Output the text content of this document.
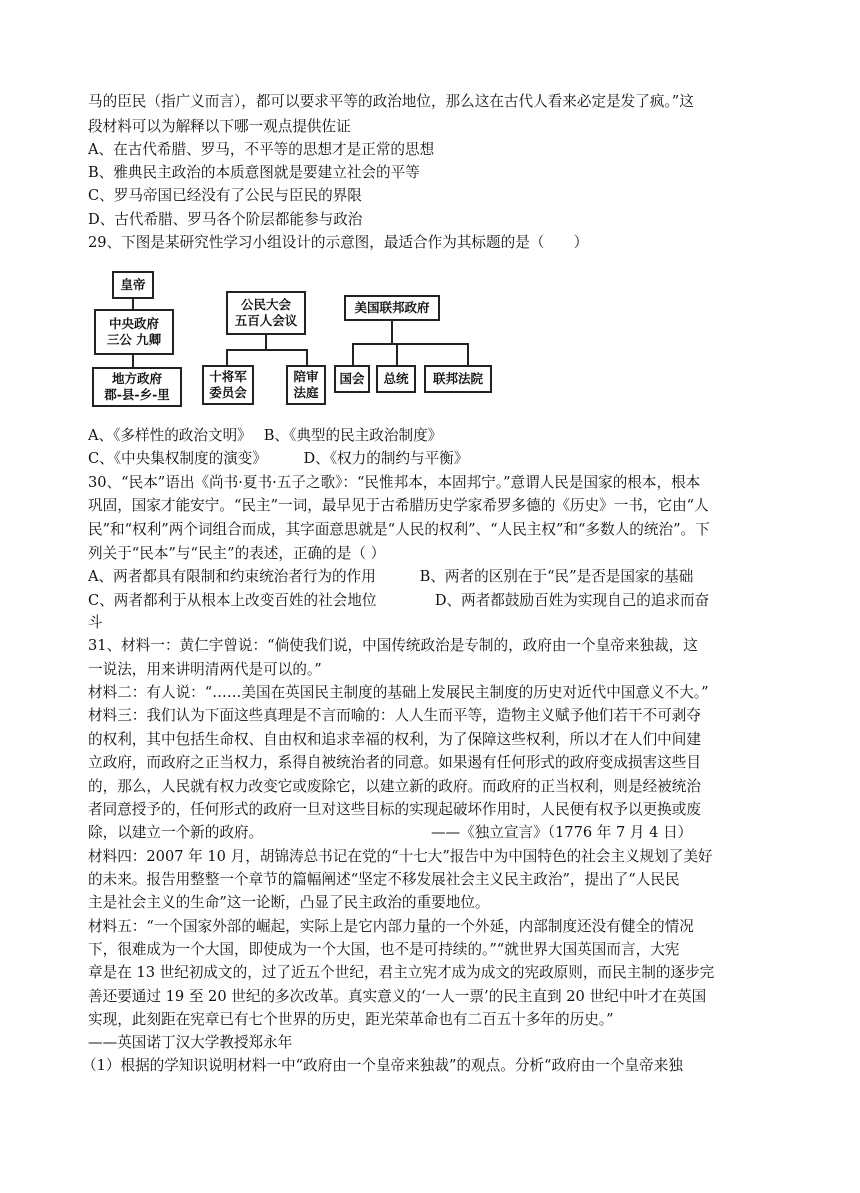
马的臣民（指广义而言），都可以要求平等的政治地位，那么这在古代人看来必定是发了疯。”这
段材料可以为解释以下哪一观点提供佐证
A、在古代希腊、罗马，不平等的思想才是正常的思想
B、雅典民主政治的本质意图就是要建立社会的平等
C、罗马帝国已经没有了公民与臣民的界限
D、古代希腊、罗马各个阶层都能参与政治
29、下图是某研究性学习小组设计的示意图，最适合作为其标题的是（　　）
A、《多样性的政治文明》　 B、《典型的民主政治制度》
C、《中央集权制度的演变》　　　D、《权力的制约与平衡》
30、“民本”语出《尚书·夏书·五子之歌》：“民惟邦本，本固邦宁。”意谓人民是国家的根本，根本
巩固，国家才能安宁。“民主”一词，最早见于古希腊历史学家希罗多德的《历史》一书，它由“人
民”和“权利”两个词组合而成，其字面意思就是“人民的权利”、“人民主权”和“多数人的统治”。下
列关于“民本”与“民主”的表述，正确的是（ ）
A、两者都具有限制和约束统治者行为的作用　　　B、两者的区别在于“民”是否是国家的基础
C、两者都利于从根本上改变百姓的社会地位　　　　D、两者都鼓励百姓为实现自己的追求而奋
斗
31、材料一：黄仁宇曾说：“倘使我们说，中国传统政治是专制的，政府由一个皇帝来独裁，这
一说法，用来讲明清两代是可以的。”
材料二：有人说：“……美国在英国民主制度的基础上发展民主制度的历史对近代中国意义不大。”
材料三：我们认为下面这些真理是不言而喻的：人人生而平等，造物主义赋予他们若干不可剥夺
的权利，其中包括生命权、自由权和追求幸福的权利，为了保障这些权利，所以才在人们中间建
立政府，而政府之正当权力，系得自被统治者的同意。如果遏有任何形式的政府变成损害这些目
的，那么，人民就有权力改变它或废除它，以建立新的政府。而政府的正当权利，则是经被统治
者同意授予的，任何形式的政府一旦对这些目标的实现起破坏作用时，人民便有权予以更换或废
除，以建立一个新的政府。　　　　　　　　　　　　——《独立宣言》（1776 年 7 月 4 日）
材料四：2007 年 10 月，胡锦涛总书记在党的“十七大”报告中为中国特色的社会主义规划了美好
的未来。报告用整整一个章节的篇幅阐述“坚定不移发展社会主义民主政治”，提出了“人民民
主是社会主义的生命”这一论断，凸显了民主政治的重要地位。
材料五：“一个国家外部的崛起，实际上是它内部力量的一个外延，内部制度还没有健全的情况
下，很难成为一个大国，即使成为一个大国，也不是可持续的。”“就世界大国英国而言，大宪
章是在 13 世纪初成文的，过了近五个世纪，君主立宪才成为成文的宪政原则，而民主制的逐步完
善还要通过 19 至 20 世纪的多次改革。真实意义的‘一人一票’的民主直到 20 世纪中叶才在英国
实现，此刻距在宪章已有七个世界的历史，距光荣革命也有二百五十多年的历史。”
——英国诺丁汉大学教授郑永年
（1）根据的学知识说明材料一中“政府由一个皇帝来独裁”的观点。分析“政府由一个皇帝来独
皇帝
中央政府
三公 九卿
地方政府
郡-县-乡-里
公民大会
五百人会议
十将军
委员会
陪审
法庭
美国联邦政府
国会 总统 联邦法院
